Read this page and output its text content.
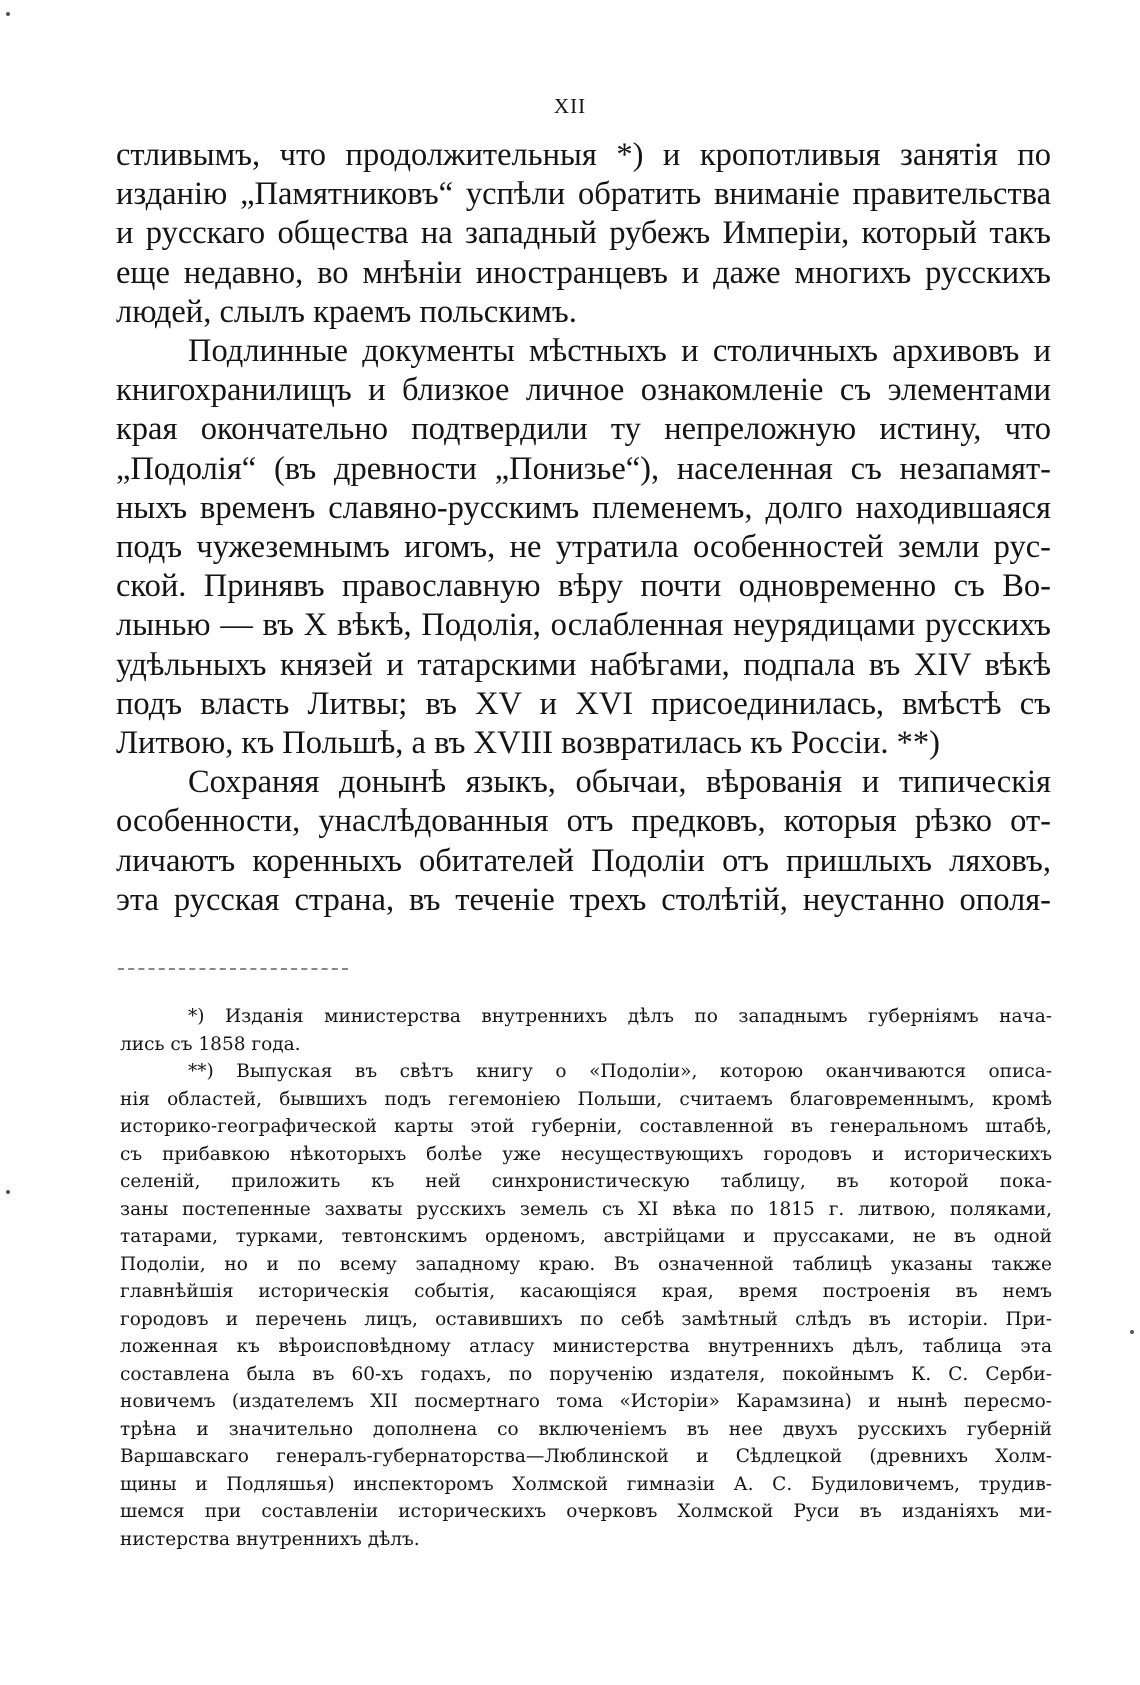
XII

стливымъ, что продолжительныя *) и кропотливыя занятія по
изданію „Памятниковъ“ успѣли обратить вниманіе правительства
и русскаго общества на западный рубежъ Имперіи, который такъ
еще недавно, во мнѣніи иностранцевъ и даже многихъ русскихъ
людей, слылъ краемъ польскимъ.

Подлинные документы мѣстныхъ и столичныхъ архивовъ и
книгохранилищъ и близкое личное ознакомленіе съ элементами
края окончательно подтвердили ту непреложную истину, что
„Подолія“ (въ древности „Понизье“), населенная съ незапамят-
ныхъ временъ славяно-русскимъ племенемъ, долго находившаяся
подъ чужеземнымъ игомъ, не утратила особенностей земли рус-
ской. Принявъ православную вѣру почти одновременно съ Во-
лынью — въ X вѣкѣ, Подолія, ослабленная неурядицами русскихъ
удѣльныхъ князей и татарскими набѣгами, подпала въ XIV вѣкѣ
подъ власть Литвы; въ XV и XVI присоединилась, вмѣстѣ съ
Литвою, къ Польшѣ, а въ XVIII возвратилась къ Россіи. **)

Сохраняя донынѣ языкъ, обычаи, вѣрованія и типическія
особенности, унаслѣдованныя отъ предковъ, которыя рѣзко от-
личаютъ коренныхъ обитателей Подоліи отъ пришлыхъ ляховъ,
эта русская страна, въ теченіе трехъ столѣтій, неустанно ополя-

*) Изданія министерства внутреннихъ дѣлъ по западнымъ губерніямъ нача-
лись съ 1858 года.
**) Выпуская въ свѣтъ книгу о «Подоліи», которою оканчиваются описа-
нія областей, бывшихъ подъ гегемоніею Польши, считаемъ благовременнымъ, кромѣ
историко-географической карты этой губерніи, составленной въ генеральномъ штабѣ,
съ прибавкою нѣкоторыхъ болѣе уже несуществующихъ городовъ и историческихъ
селеній, приложить къ ней синхронистическую таблицу, въ которой пока-
заны постепенные захваты русскихъ земель съ XI вѣка по 1815 г. литвою, поляками,
татарами, турками, тевтонскимъ орденомъ, австрійцами и пруссаками, не въ одной
Подоліи, но и по всему западному краю. Въ означенной таблицѣ указаны также
главнѣйшія историческія событія, касающіяся края, время построенія въ немъ
городовъ и перечень лицъ, оставившихъ по себѣ замѣтный слѣдъ въ исторіи. При-
ложенная къ вѣроисповѣдному атласу министерства внутреннихъ дѣлъ, таблица эта
составлена была въ 60-хъ годахъ, по порученію издателя, покойнымъ К. С. Серби-
новичемъ (издателемъ XII посмертнаго тома «Исторіи» Карамзина) и нынѣ пересмо-
трѣна и значительно дополнена со включеніемъ въ нее двухъ русскихъ губерній
Варшавскаго генералъ-губернаторства—Люблинской и Сѣдлецкой (древнихъ Холм-
щины и Подляшья) инспекторомъ Холмской гимназіи А. С. Будиловичемъ, трудив-
шемся при составленіи историческихъ очерковъ Холмской Руси въ изданіяхъ ми-
нистерства внутреннихъ дѣлъ.
